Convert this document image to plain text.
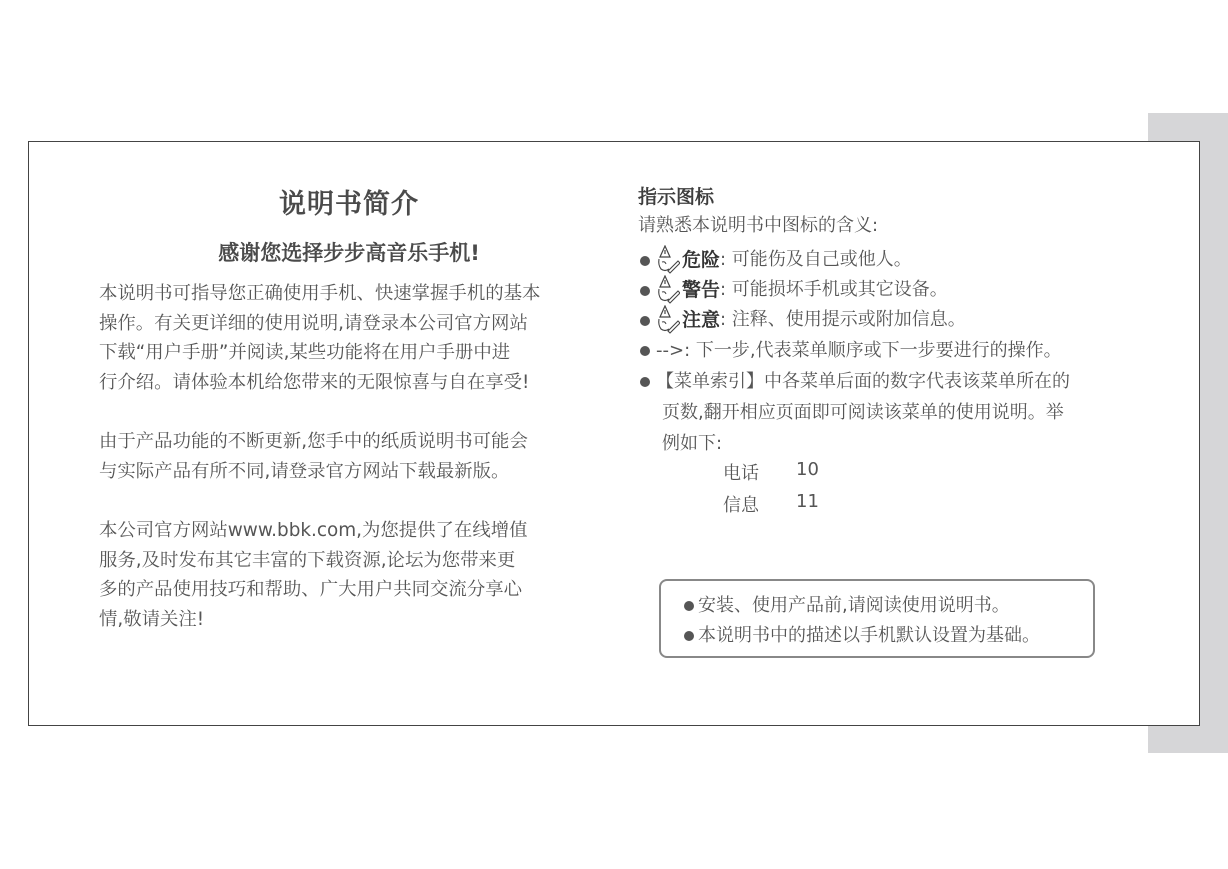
说明书简介
感谢您选择步步高音乐手机!
本说明书可指导您正确使用手机、快速掌握手机的基本
操作。有关更详细的使用说明,请登录本公司官方网站
下载“用户手册”并阅读,某些功能将在用户手册中进
行介绍。请体验本机给您带来的无限惊喜与自在享受!
由于产品功能的不断更新,您手中的纸质说明书可能会
与实际产品有所不同,请登录官方网站下载最新版。
本公司官方网站www.bbk.com,为您提供了在线增值
服务,及时发布其它丰富的下载资源,论坛为您带来更
多的产品使用技巧和帮助、广大用户共同交流分享心
情,敬请关注!
指示图标
请熟悉本说明书中图标的含义:
危险 : 可能伤及自己或他人。
警告 : 可能损坏手机或其它设备。
注意 : 注释、使用提示或附加信息。
-->: 下一步,代表菜单顺序或下一步要进行的操作。
【菜单索引】中各菜单后面的数字代表该菜单所在的
页数,翻开相应页面即可阅读该菜单的使用说明。举
例如下:
电话 10
信息 11
安装、使用产品前,请阅读使用说明书。
本说明书中的描述以手机默认设置为基础。
